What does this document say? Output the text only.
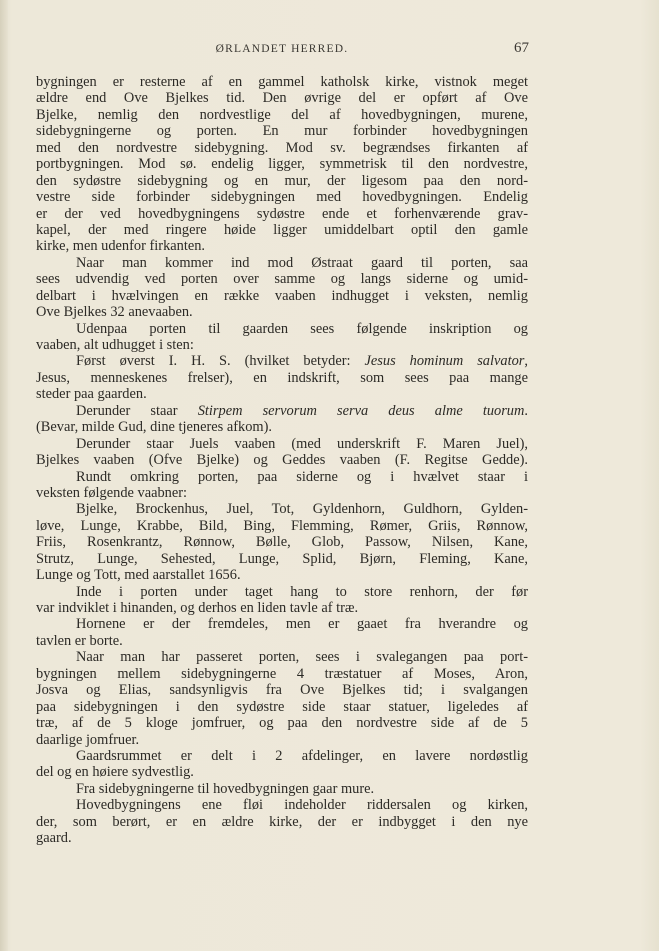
ØRLANDET HERRED.	67
bygningen er resterne af en gammel katholsk kirke, vistnok meget
ældre end Ove Bjelkes tid. Den øvrige del er opført af Ove
Bjelke, nemlig den nordvestlige del af hovedbygningen, murene,
sidebygningerne og porten. En mur forbinder hovedbygningen
med den nordvestre sidebygning. Mod sv. begrændses firkanten af
portbygningen. Mod sø. endelig ligger, symmetrisk til den nordvestre,
den sydøstre sidebygning og en mur, der ligesom paa den nord-
vestre side forbinder sidebygningen med hovedbygningen. Endelig
er der ved hovedbygningens sydøstre ende et forhenværende grav-
kapel, der med ringere høide ligger umiddelbart optil den gamle
kirke, men udenfor firkanten.
Naar man kommer ind mod Østraat gaard til porten, saa
sees udvendig ved porten over samme og langs siderne og umid-
delbart i hvælvingen en række vaaben indhugget i veksten, nemlig
Ove Bjelkes 32 anevaaben.
Udenpaa porten til gaarden sees følgende inskription og
vaaben, alt udhugget i sten:
Først øverst I. H. S. (hvilket betyder: Jesus hominum salvator,
Jesus, menneskenes frelser), en indskrift, som sees paa mange
steder paa gaarden.
Derunder staar Stirpem servorum serva deus alme tuorum.
(Bevar, milde Gud, dine tjeneres afkom).
Derunder staar Juels vaaben (med underskrift F. Maren Juel),
Bjelkes vaaben (Ofve Bjelke) og Geddes vaaben (F. Regitse Gedde).
Rundt omkring porten, paa siderne og i hvælvet staar i
veksten følgende vaabner:
Bjelke, Brockenhus, Juel, Tot, Gyldenhorn, Guldhorn, Gylden-
løve, Lunge, Krabbe, Bild, Bing, Flemming, Rømer, Griis, Rønnow,
Friis, Rosenkrantz, Rønnow, Bølle, Glob, Passow, Nilsen, Kane,
Strutz, Lunge, Sehested, Lunge, Splid, Bjørn, Fleming, Kane,
Lunge og Tott, med aarstallet 1656.
Inde i porten under taget hang to store renhorn, der før
var indviklet i hinanden, og derhos en liden tavle af træ.
Hornene er der fremdeles, men er gaaet fra hverandre og
tavlen er borte.
Naar man har passeret porten, sees i svalegangen paa port-
bygningen mellem sidebygningerne 4 træstatuer af Moses, Aron,
Josva og Elias, sandsynligvis fra Ove Bjelkes tid; i svalgangen
paa sidebygningen i den sydøstre side staar statuer, ligeledes af
træ, af de 5 kloge jomfruer, og paa den nordvestre side af de 5
daarlige jomfruer.
Gaardsrummet er delt i 2 afdelinger, en lavere nordøstlig
del og en høiere sydvestlig.
Fra sidebygningerne til hovedbygningen gaar mure.
Hovedbygningens ene fløi indeholder riddersalen og kirken,
der, som berørt, er en ældre kirke, der er indbygget i den nye
gaard.
